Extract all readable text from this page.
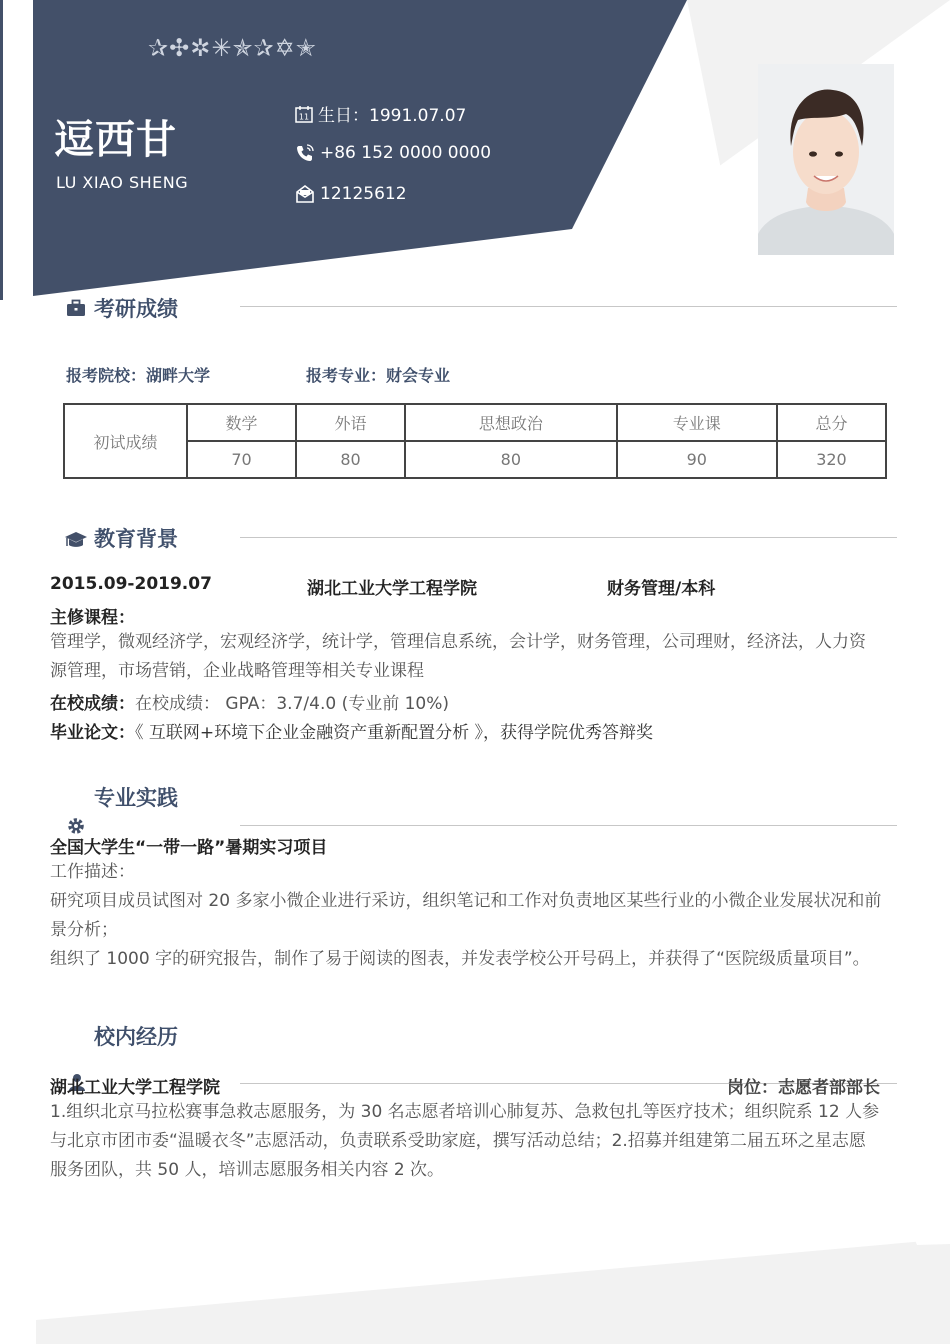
✰✣✲✳✯✰✡✭
逗西甘
LU XIAO SHENG
11 生日：1991.07.07
+86 152 0000 0000
12125612
考研成绩
报考院校：湖畔大学	报考专业：财会专业
初试成绩	数学	外语	思想政治	专业课	总分
	70	80	80	90	320
教育背景
2015.09-2019.07	湖北工业大学工程学院	财务管理/本科
主修课程：
管理学，微观经济学，宏观经济学，统计学，管理信息系统，会计学，财务管理，公司理财，经济法，人力资
源管理，市场营销，企业战略管理等相关专业课程
在校成绩：在校成绩： GPA：3.7/4.0 (专业前 10%)
毕业论文：《 互联网+环境下企业金融资产重新配置分析 》，获得学院优秀答辩奖
专业实践
全国大学生“一带一路”暑期实习项目
工作描述：
研究项目成员试图对 20 多家小微企业进行采访，组织笔记和工作对负责地区某些行业的小微企业发展状况和前
景分析；
组织了 1000 字的研究报告，制作了易于阅读的图表，并发表学校公开号码上，并获得了“医院级质量项目”。
校内经历
湖北工业大学工程学院	岗位：志愿者部部长
1.组织北京马拉松赛事急救志愿服务，为 30 名志愿者培训心肺复苏、急救包扎等医疗技术；组织院系 12 人参
与北京市团市委“温暖衣冬”志愿活动，负责联系受助家庭，撰写活动总结；2.招募并组建第二届五环之星志愿
服务团队，共 50 人，培训志愿服务相关内容 2 次。
